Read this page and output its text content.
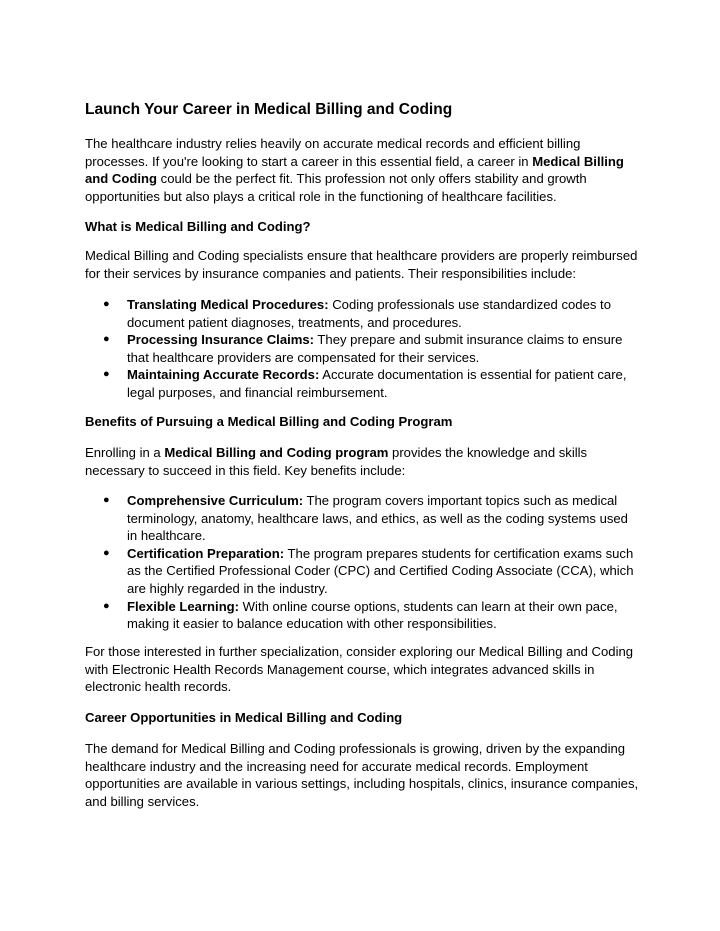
Launch Your Career in Medical Billing and Coding

The healthcare industry relies heavily on accurate medical records and efficient billing processes. If you're looking to start a career in this essential field, a career in Medical Billing and Coding could be the perfect fit. This profession not only offers stability and growth opportunities but also plays a critical role in the functioning of healthcare facilities.

What is Medical Billing and Coding?

Medical Billing and Coding specialists ensure that healthcare providers are properly reimbursed for their services by insurance companies and patients. Their responsibilities include:

● Translating Medical Procedures: Coding professionals use standardized codes to document patient diagnoses, treatments, and procedures.
● Processing Insurance Claims: They prepare and submit insurance claims to ensure that healthcare providers are compensated for their services.
● Maintaining Accurate Records: Accurate documentation is essential for patient care, legal purposes, and financial reimbursement.
Benefits of Pursuing a Medical Billing and Coding Program

Enrolling in a Medical Billing and Coding program provides the knowledge and skills necessary to succeed in this field. Key benefits include:

● Comprehensive Curriculum: The program covers important topics such as medical terminology, anatomy, healthcare laws, and ethics, as well as the coding systems used in healthcare.
● Certification Preparation: The program prepares students for certification exams such as the Certified Professional Coder (CPC) and Certified Coding Associate (CCA), which are highly regarded in the industry.
● Flexible Learning: With online course options, students can learn at their own pace, making it easier to balance education with other responsibilities.

For those interested in further specialization, consider exploring our Medical Billing and Coding with Electronic Health Records Management course, which integrates advanced skills in electronic health records.

Career Opportunities in Medical Billing and Coding

The demand for Medical Billing and Coding professionals is growing, driven by the expanding healthcare industry and the increasing need for accurate medical records. Employment opportunities are available in various settings, including hospitals, clinics, insurance companies, and billing services.
